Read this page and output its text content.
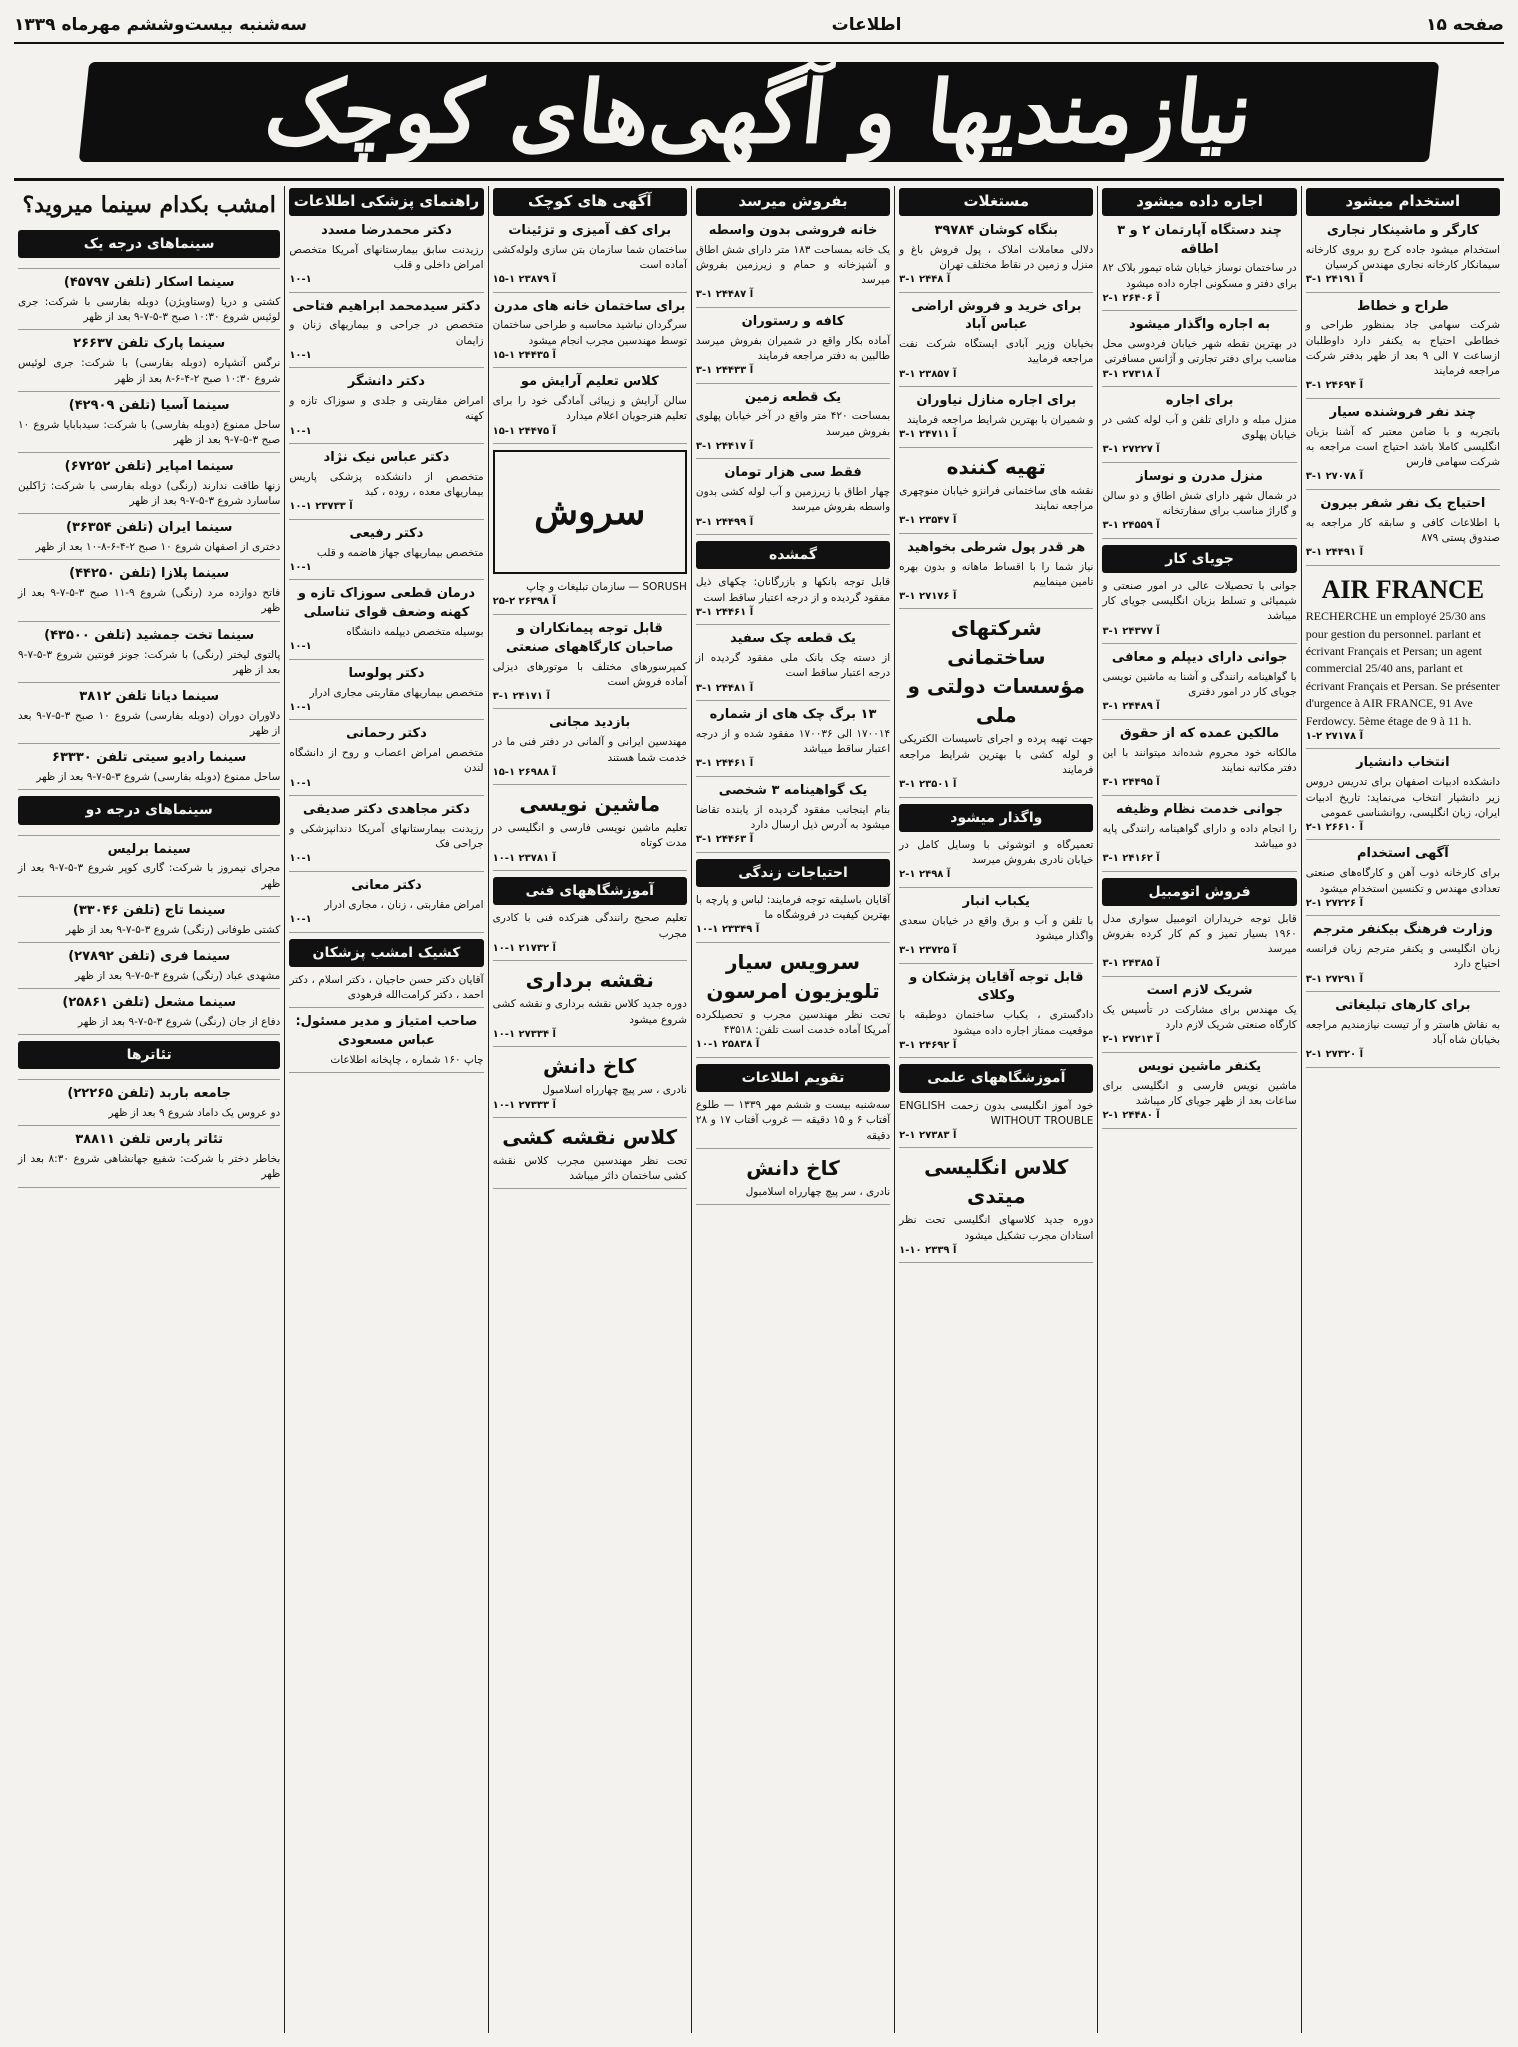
صفحه ۱۵
اطلاعات
سه‌شنبه بیست‌وششم مهرماه ۱۳۳۹
نیازمندیها و آگهی‌های کوچک
استخدام میشود
کارگر و ماشینکار نجاری
استخدام میشود جاده کرج رو بروی کارخانه سیمانکار کارخانه نجاری مهندس کرسیان
۳-۱ آ ۲۴۱۹۱
طراح و خطاط
شرکت سهامی جاد بمنظور طراحی و خطاطی احتیاج به یکنفر دارد داوطلبان ازساعت ۷ الی ۹ بعد از ظهر بدفتر شرکت مراجعه فرمایند
۳-۱ آ ۲۴۶۹۴
چند نفر فروشنده سیار
باتجربه و با ضامن معتبر که آشنا بزبان انگلیسی کاملا باشد احتیاج است مراجعه به شرکت سهامی فارس
۳-۱ آ ۲۷۰۷۸
احتیاج یک نفر شفر بیرون
با اطلاعات کافی و سابقه کار مراجعه به صندوق پستی ۸۷۹
۳-۱ آ ۲۴۴۹۱
AIR FRANCE
RECHERCHE un employé 25/30 ans pour gestion du personnel. parlant et écrivant Français et Persan; un agent commercial 25/40 ans, parlant et écrivant Français et Persan. Se présenter d'urgence à AIR FRANCE, 91 Ave Ferdowcy. 5ème étage de 9 à 11 h.
۱-۲ آ ۲۷۱۷۸
انتخاب دانشیار
دانشکده ادبیات اصفهان برای تدریس دروس زیر دانشیار انتخاب می‌نماید: تاریخ ادبیات ایران، زبان انگلیسی، روانشناسی عمومی
۲-۱ آ ۲۶۶۱۰
آگهی استخدام
برای کارخانه ذوب آهن و کارگاه‌های صنعتی تعدادی مهندس و تکنسین استخدام میشود
۲-۱ آ ۲۷۲۲۶
وزارت فرهنگ بیکنفر مترجم
زبان انگلیسی و یکنفر مترجم زبان فرانسه احتیاج دارد
۳-۱ آ ۲۷۲۹۱
برای کارهای تبلیغاتی
به نقاش هاستر و آر تیست نیازمندیم مراجعه بخیابان شاه آباد
۲-۱ آ ۲۷۳۲۰
اجاره داده میشود
چند دستگاه آپارتمان ۲ و ۳ اطاقه
در ساختمان نوساز خیابان شاه تیمور بلاک ۸۲ برای دفتر و مسکونی اجاره داده میشود
۲-۱ آ ۲۶۴۰۶
به اجاره واگذار میشود
در بهترین نقطه شهر خیابان فردوسی محل مناسب برای دفتر تجارتی و آژانس مسافرتی
۳-۱ آ ۲۷۳۱۸
برای اجاره
منزل مبله و دارای تلفن و آب لوله کشی در خیابان پهلوی
۳-۱ آ ۲۷۲۲۷
منزل مدرن و نوساز
در شمال شهر دارای شش اطاق و دو سالن و گاراژ مناسب برای سفارتخانه
۳-۱ آ ۲۴۵۵۹
جویای کار
جوانی با تحصیلات عالی در امور صنعتی و شیمیائی و تسلط بزبان انگلیسی جویای کار میباشد
۳-۱ آ ۲۴۳۷۷
جوانی دارای دیپلم و معافی
با گواهینامه رانندگی و آشنا به ماشین نویسی جویای کار در امور دفتری
۳-۱ آ ۲۴۴۸۹
مالکین عمده که از حقوق
مالکانه خود محروم شده‌اند میتوانند با این دفتر مکاتبه نمایند
۳-۱ آ ۲۴۴۹۵
جوانی خدمت نظام وظیفه
را انجام داده و دارای گواهینامه رانندگی پایه دو میباشد
۳-۱ آ ۲۴۱۶۲
فروش اتومبیل
قابل توجه خریداران اتومبیل سواری مدل ۱۹۶۰ بسیار تمیز و کم کار کرده بفروش میرسد
۳-۱ آ ۲۴۳۸۵
شریک لازم است
یک مهندس برای مشارکت در تأسیس یک کارگاه صنعتی شریک لازم دارد
۲-۱ آ ۲۷۲۱۳
یکنفر ماشین نویس
ماشین نویس فارسی و انگلیسی برای ساعات بعد از ظهر جویای کار میباشد
۲-۱ آ ۲۴۴۸۰
مستغلات
بنگاه کوشان ۳۹۷۸۴
دلالی معاملات املاک ، پول فروش باغ و منزل و زمین در نقاط مختلف تهران
۳-۱ آ ۲۴۴۸
برای خرید و فروش اراضی عباس آباد
بخیابان وزیر آبادی ایستگاه شرکت نفت مراجعه فرمایید
۳-۱ آ ۲۳۸۵۷
برای اجاره منازل نیاوران
و شمیران با بهترین شرایط مراجعه فرمایند
۳-۱ آ ۲۴۷۱۱
تهیه کننده
نقشه های ساختمانی فرانزو خیابان منوچهری مراجعه نمایند
۳-۱ آ ۲۳۵۴۷
هر قدر پول شرطی بخواهید
نیاز شما را با اقساط ماهانه و بدون بهره تامین مینماییم
۳-۱ آ ۲۷۱۷۶
شرکتهای ساختمانی مؤسسات دولتی و ملی
جهت تهیه پرده و اجرای تاسیسات الکتریکی و لوله کشی با بهترین شرایط مراجعه فرمایند
۳-۱ آ ۲۳۵۰۱
واگذار میشود
تعمیرگاه و اتوشوئی با وسایل کامل در خیابان نادری بفروش میرسد
۲-۱ آ ۲۴۹۸
یکباب انبار
با تلفن و آب و برق واقع در خیابان سعدی واگذار میشود
۳-۱ آ ۲۳۷۲۵
قابل توجه آقایان پزشکان و وکلای
دادگستری ، یکباب ساختمان دوطبقه با موقعیت ممتاز اجاره داده میشود
۳-۱ آ ۲۴۶۹۲
آموزشگاههای علمی
خود آموز انگلیسی بدون زحمت ENGLISH WITHOUT TROUBLE
۲-۱ آ ۲۷۳۸۳
کلاس انگلیسی میتدی
دوره جدید کلاسهای انگلیسی تحت نظر استادان مجرب تشکیل میشود
۱-۱۰ آ ۲۳۳۹
بفروش میرسد
خانه فروشی بدون واسطه
یک خانه بمساحت ۱۸۳ متر دارای شش اطاق و آشپزخانه و حمام و زیرزمین بفروش میرسد
۳-۱ آ ۲۴۴۸۷
کافه و رستوران
آماده بکار واقع در شمیران بفروش میرسد طالبین به دفتر مراجعه فرمایند
۳-۱ آ ۲۴۴۳۳
یک قطعه زمین
بمساحت ۴۲۰ متر واقع در آخر خیابان پهلوی بفروش میرسد
۳-۱ آ ۲۴۴۱۷
فقط سی هزار تومان
چهار اطاق با زیرزمین و آب لوله کشی بدون واسطه بفروش میرسد
۳-۱ آ ۲۴۴۹۹
گمشده
قابل توجه بانکها و بازرگانان: چکهای ذیل مفقود گردیده و از درجه اعتبار ساقط است
۳-۱ آ ۲۴۴۶۱
یک قطعه چک سفید
از دسته چک بانک ملی مفقود گردیده از درجه اعتبار ساقط است
۳-۱ آ ۲۴۴۸۱
۱۳ برگ چک های از شماره
۱۷۰۰۱۴ الی ۱۷۰۰۳۶ مفقود شده و از درجه اعتبار ساقط میباشد
۳-۱ آ ۲۴۴۶۱
یک گواهینامه ۳ شخصی
بنام اینجانب مفقود گردیده از یابنده تقاضا میشود به آدرس ذیل ارسال دارد
۳-۱ آ ۲۴۴۶۳
احتیاجات زندگی
آقایان باسلیقه توجه فرمایند: لباس و پارچه با بهترین کیفیت در فروشگاه ما
۱۰-۱ آ ۲۳۳۴۹
سرویس سیار تلویزیون امرسون
تحت نظر مهندسین مجرب و تحصیلکرده آمریکا آماده خدمت است تلفن: ۴۳۵۱۸
۱۰-۱ آ ۲۵۸۳۸
تقویم اطلاعات
سه‌شنبه بیست و ششم مهر ۱۳۳۹ — طلوع آفتاب ۶ و ۱۵ دقیقه — غروب آفتاب ۱۷ و ۲۸ دقیقه
کاخ دانش
نادری ، سر پیچ چهارراه اسلامبول
آگهی های کوچک
برای کف آمیزی و تزئینات
ساختمان شما سازمان بتن سازی ولوله‌کشی آماده است
۱۵-۱ آ ۲۳۸۷۹
برای ساختمان خانه های مدرن
سرگردان نباشید محاسبه و طراحی ساختمان توسط مهندسین مجرب انجام میشود
۱۵-۱ آ ۲۴۴۳۵
کلاس تعلیم آرایش مو
سالن آرایش و زیبائی آمادگی خود را برای تعلیم هنرجویان اعلام میدارد
۱۵-۱ آ ۲۴۴۷۵
سروش
SORUSH — سازمان تبلیغات و چاپ
۲۵-۲ آ ۲۶۳۹۸
قابل توجه پیمانکاران و صاحبان کارگاههای صنعتی
کمپرسورهای مختلف با موتورهای دیزلی آماده فروش است
۳-۱ آ ۲۴۱۷۱
بازدید مجانی
مهندسین ایرانی و آلمانی در دفتر فنی ما در خدمت شما هستند
۱۵-۱ آ ۲۶۹۸۸
ماشین نویسی
تعلیم ماشین نویسی فارسی و انگلیسی در مدت کوتاه
۱۰-۱ آ ۲۳۷۸۱
آموزشگاههای فنی
تعلیم صحیح رانندگی هنرکده فنی با کادری مجرب
۱۰-۱ آ ۲۱۷۳۲
نقشه برداری
دوره جدید کلاس نقشه برداری و نقشه کشی شروع میشود
۱۰-۱ آ ۲۷۳۳۴
کاخ دانش
نادری ، سر پیچ چهارراه اسلامبول
۱۰-۱ آ ۲۷۳۳۳
کلاس نقشه کشی
تحت نظر مهندسین مجرب کلاس نقشه کشی ساختمان دائر میباشد
راهنمای پزشکی اطلاعات
دکتر محمدرضا مسدد
رزیدنت سابق بیمارستانهای آمریکا متخصص امراض داخلی و قلب
۱۰-۱
دکتر سیدمحمد ابراهیم فتاحی
متخصص در جراحی و بیماریهای زنان و زایمان
۱۰-۱
دکتر دانشگر
امراض مقاربتی و جلدی و سوزاک تازه و کهنه
۱۰-۱
دکتر عباس نیک نژاد
متخصص از دانشکده پزشکی پاریس بیماریهای معده ، روده ، کبد
۱۰-۱ آ ۲۳۷۳۳
دکتر رفیعی
متخصص بیماریهای جهاز هاضمه و قلب
۱۰-۱
درمان قطعی سوزاک تازه و کهنه وضعف قوای تناسلی
بوسیله متخصص دیپلمه دانشگاه
۱۰-۱
دکتر پولوسا
متخصص بیماریهای مقاربتی مجاری ادرار
۱۰-۱
دکتر رحمانی
متخصص امراض اعصاب و روح از دانشگاه لندن
۱۰-۱
دکتر مجاهدی دکتر صدیقی
رزیدنت بیمارستانهای آمریکا دندانپزشکی و جراحی فک
۱۰-۱
دکتر معانی
امراض مقاربتی ، زنان ، مجاری ادرار
۱۰-۱
کشیک امشب پزشکان
آقایان دکتر حسن حاجیان ، دکتر اسلام ، دکتر احمد ، دکتر کرامت‌الله فرهودی
صاحب امتیاز و مدیر مسئول: عباس مسعودی
چاپ ۱۶۰ شماره ، چاپخانه اطلاعات
امشب بکدام سینما میروید؟
سینماهای درجه یک
سینما اسکار (تلفن ۴۵۷۹۷)
کشتی و دریا (وستاویژن) دوبله بفارسی با شرکت: جری لوئیس شروع ۱۰:۳۰ صبح ۳-۵-۷-۹ بعد از ظهر
سینما پارک تلفن ۲۶۶۳۷
نرگس آتشپاره (دوبله بفارسی) با شرکت: جری لوئیس شروع ۱۰:۳۰ صبح ۲-۴-۶-۸ بعد از ظهر
سینما آسیا (تلفن ۴۲۹۰۹)
ساحل ممنوع (دوبله بفارسی) با شرکت: سیدبابایا شروع ۱۰ صبح ۳-۵-۷-۹ بعد از ظهر
سینما امپایر (تلفن ۶۷۲۵۲)
زنها طاقت ندارند (رنگی) دوبله بفارسی با شرکت: ژاکلین ساسارد شروع ۳-۵-۷-۹ بعد از ظهر
سینما ایران (تلفن ۳۶۳۵۴)
دختری از اصفهان شروع ۱۰ صبح ۲-۴-۶-۸-۱۰ بعد از ظهر
سینما پلازا (تلفن ۴۴۲۵۰)
فاتح دوازده مرد (رنگی) شروع ۹-۱۱ صبح ۳-۵-۷-۹ بعد از ظهر
سینما تخت جمشید (تلفن ۴۳۵۰۰)
پالتوی لیختر (رنگی) با شرکت: جونز فونتین شروع ۳-۵-۷-۹ بعد از ظهر
سینما دیانا تلفن ۳۸۱۲
دلاوران دوران (دوبله بفارسی) شروع ۱۰ صبح ۳-۵-۷-۹ بعد از ظهر
سینما رادیو سیتی تلفن ۶۳۳۳۰
ساحل ممنوع (دوبله بفارسی) شروع ۳-۵-۷-۹ بعد از ظهر
سینماهای درجه دو
سینما برلیس
مجرای نیمروز با شرکت: گاری کوپر شروع ۳-۵-۷-۹ بعد از ظهر
سینما تاج (تلفن ۳۳۰۴۶)
کشتی طوفانی (رنگی) شروع ۳-۵-۷-۹ بعد از ظهر
سینما فری (تلفن ۲۷۸۹۲)
مشهدی عباد (رنگی) شروع ۳-۵-۷-۹ بعد از ظهر
سینما مشعل (تلفن ۲۵۸۶۱)
دفاع از جان (رنگی) شروع ۳-۵-۷-۹ بعد از ظهر
تئاترها
جامعه باربد (تلفن ۲۲۲۶۵)
دو عروس یک داماد شروع ۹ بعد از ظهر
تئاتر پارس تلفن ۳۸۸۱۱
بخاطر دختر با شرکت: شفیع جهانشاهی شروع ۸:۳۰ بعد از ظهر
